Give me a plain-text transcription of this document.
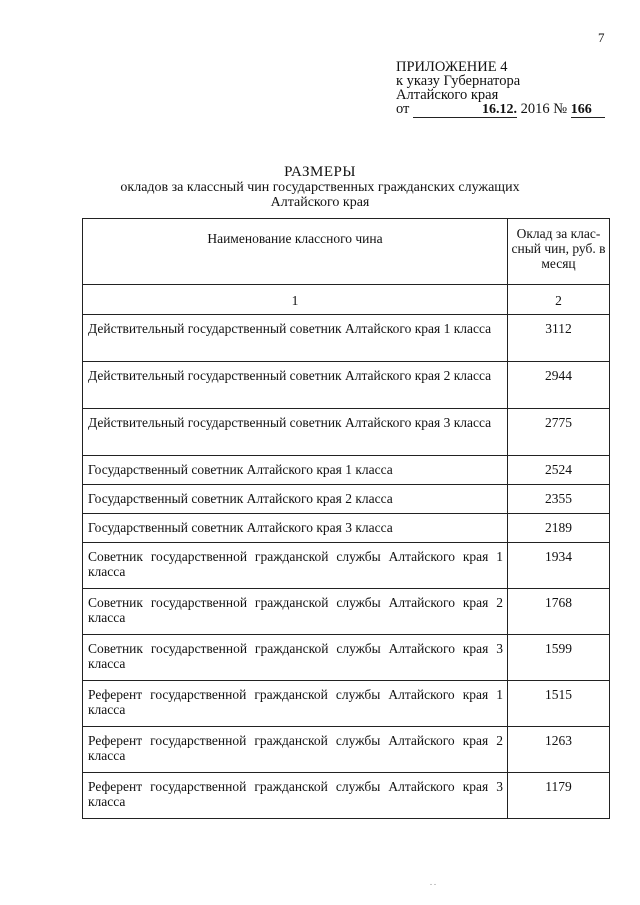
7
ПРИЛОЖЕНИЕ 4
к указу Губернатора
Алтайского края
от	16.12. 2016 № 166
РАЗМЕРЫ
окладов за классный чин государственных гражданских служащих
Алтайского края
Наименование классного чина	Оклад за клас-сный чин, руб. в месяц
1	2
Действительный государственный советник Алтайского края 1 класса	3112
Действительный государственный советник Алтайского края 2 класса	2944
Действительный государственный советник Алтайского края 3 класса	2775
Государственный советник Алтайского края 1 класса	2524
Государственный советник Алтайского края 2 класса	2355
Государственный советник Алтайского края 3 класса	2189
Советник государственной гражданской службы Алтайского края 1 класса	1934
Советник государственной гражданской службы Алтайского края 2 класса	1768
Советник государственной гражданской службы Алтайского края 3 класса	1599
Референт государственной гражданской службы Алтайского края 1 класса	1515
Референт государственной гражданской службы Алтайского края 2 класса	1263
Референт государственной гражданской службы Алтайского края 3 класса	1179
∙ ∙
